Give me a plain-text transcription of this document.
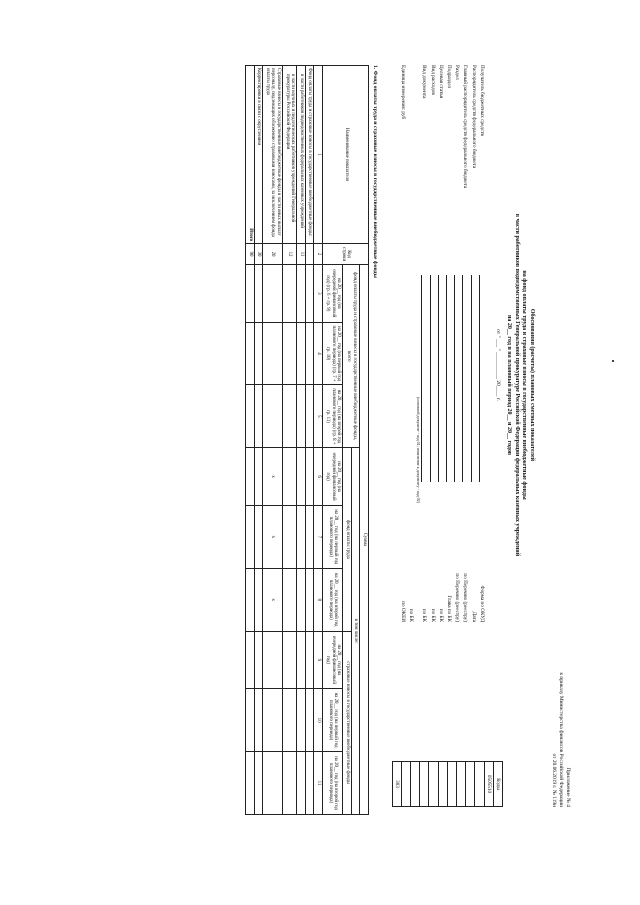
Приложение № 4
к приказу Министерства финансов Российской Федерации
от 20.06.2019 г. № 119н
Обоснования (расчеты) плановых сметных показателей
на фонд оплаты труда и страховые взносы в государственные внебюджетные фонды
в части работников подведомственных Генеральной прокуратуре Российской Федерации федеральных казенных учреждений
на 20__ год и на плановый период 20__ и 20__ годов
от " ___ " __________ 20____ г.
Получатель бюджетных средств
Форма по ОКУД
Распорядитель средств федерального бюджета
Дата
Главный распорядитель средств федерального бюджета
по Перечню (реестру)
Раздел
по Перечню (реестру)
Подраздел
Глава по БК
Целевая статья
по БК
Вид расходов
по БК
Вид документа
по БК
(основной документ - код 01; изменение к документу - код 02)
по БК
Единица измерения: руб
по ОКЕИ
Коды
0505510
383
1. Фонд оплаты труда и страховые взносы в государственные внебюджетные фонды
Наименование показателя	Код строки	Сумма								
		фонд оплаты труда и страховые взносы в государственные внебюджетные фонды, всего			в том числе:					
					фонд оплаты труда			страховые взносы в государственные внебюджетные фонды		
		на 20__ год (на очередной финансовый год) (гр. 6 + гр. 9)	на 20__ год (на первый год планового периода) (гр. 7 + гр. 10)	на 20__ год (на второй год планового периода) (гр. 8 + гр. 11)	на 20__ год (на очередной финансовый год)	на 20__ год (на первый год планового периода)	на 20__ год (на второй год планового периода)	на 20__ год (на очередной финансовый год)	на 20__ год (на первый год планового периода)	на 20__ год (на второй год планового периода)
1	2	3	4	5	6	7	8	9	10	11
Фонд оплаты труда и страховые взносы в государственные внебюджетные фонды:										
в части работников подведомственных федеральных казенных учреждений	11									
в части научных и педагогических работников учреждений Генеральной прокуратуры Российской Федерации	12									
Страховые взносы в государственные внебюджетные фонды в части иных выплат персоналу, подлежащих обложению страховыми взносами, за исключением фонда оплаты труда	20				x	x	x			
Корректировки в связи с округлением	30									
Итого	90									
